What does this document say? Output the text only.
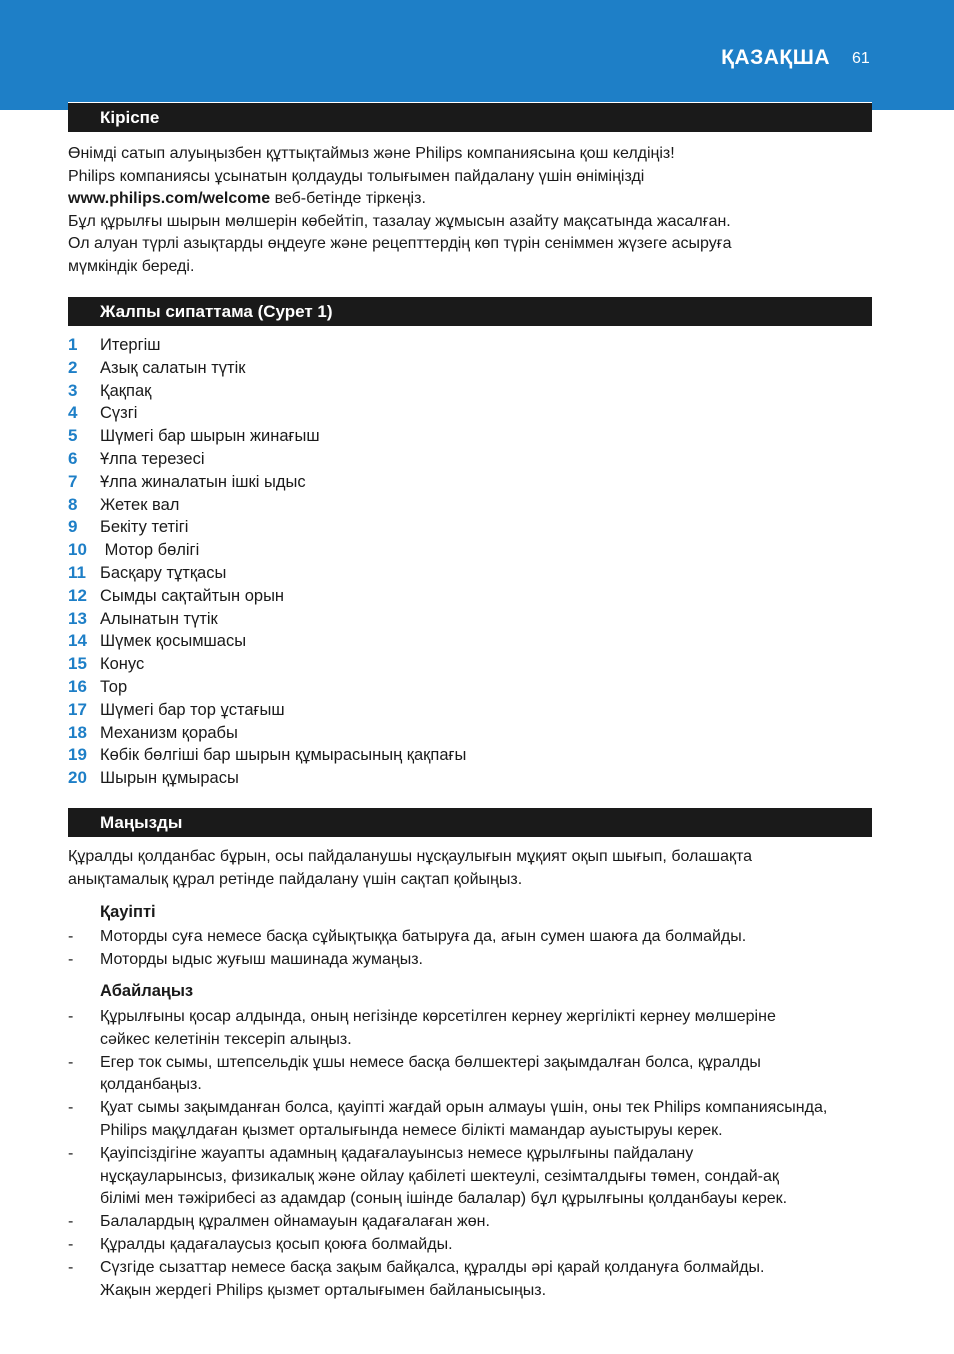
ҚАЗАҚША 61
Кіріспе
Өнімді сатып алуыңызбен құттықтаймыз және Philips компаниясына қош келдіңіз!
Philips компаниясы ұсынатын қолдауды толығымен пайдалану үшін өніміңізді
www.philips.com/welcome веб-бетінде тіркеңіз.
Бұл құрылғы шырын мөлшерін көбейтіп, тазалау жұмысын азайту мақсатында жасалған.
Ол алуан түрлі азықтарды өңдеуге және рецепттердің көп түрін сеніммен жүзеге асыруға
мүмкіндік береді.
Жалпы сипаттама (Сурет 1)
1 Итергіш
2 Азық салатын түтік
3 Қақпақ
4 Сүзгі
5 Шүмегі бар шырын жинағыш
6 Ұлпа терезесі
7 Ұлпа жиналатын ішкі ыдыс
8 Жетек вал
9 Бекіту тетігі
10 Мотор бөлігі
11 Басқару тұтқасы
12 Сымды сақтайтын орын
13 Алынатын түтік
14 Шүмек қосымшасы
15 Конус
16 Тор
17 Шүмегі бар тор ұстағыш
18 Механизм қорабы
19 Көбік бөлгіші бар шырын құмырасының қақпағы
20 Шырын құмырасы
Маңызды
Құралды қолданбас бұрын, осы пайдаланушы нұсқаулығын мұқият оқып шығып, болашақта
анықтамалық құрал ретінде пайдалану үшін сақтап қойыңыз.
Қауіпті
- Моторды суға немесе басқа сұйықтыққа батыруға да, ағын сумен шаюға да болмайды.
- Моторды ыдыс жуғыш машинада жумаңыз.
Абайлаңыз
- Құрылғыны қосар алдында, оның негізінде көрсетілген кернеу жергілікті кернеу мөлшеріне
сәйкес келетінін тексеріп алыңыз.
- Егер ток сымы, штепсельдік ұшы немесе басқа бөлшектері зақымдалған болса, құралды
қолданбаңыз.
- Қуат сымы зақымданған болса, қауіпті жағдай орын алмауы үшін, оны тек Philips компаниясында,
Philips мақұлдаған қызмет орталығында немесе білікті мамандар ауыстыруы керек.
- Қауіпсіздігіне жауапты адамның қадағалауынсыз немесе құрылғыны пайдалану
нұсқауларынсыз, физикалық және ойлау қабілеті шектеулі, сезімталдығы төмен, сондай-ақ
білімі мен тәжірибесі аз адамдар (соның ішінде балалар) бұл құрылғыны қолданбауы керек.
- Балалардың құралмен ойнамауын қадағалаған жөн.
- Құралды қадағалаусыз қосып қоюға болмайды.
- Сүзгіде сызаттар немесе басқа зақым байқалса, құралды әрі қарай қолдануға болмайды.
Жақын жердегі Philips қызмет орталығымен байланысыңыз.
